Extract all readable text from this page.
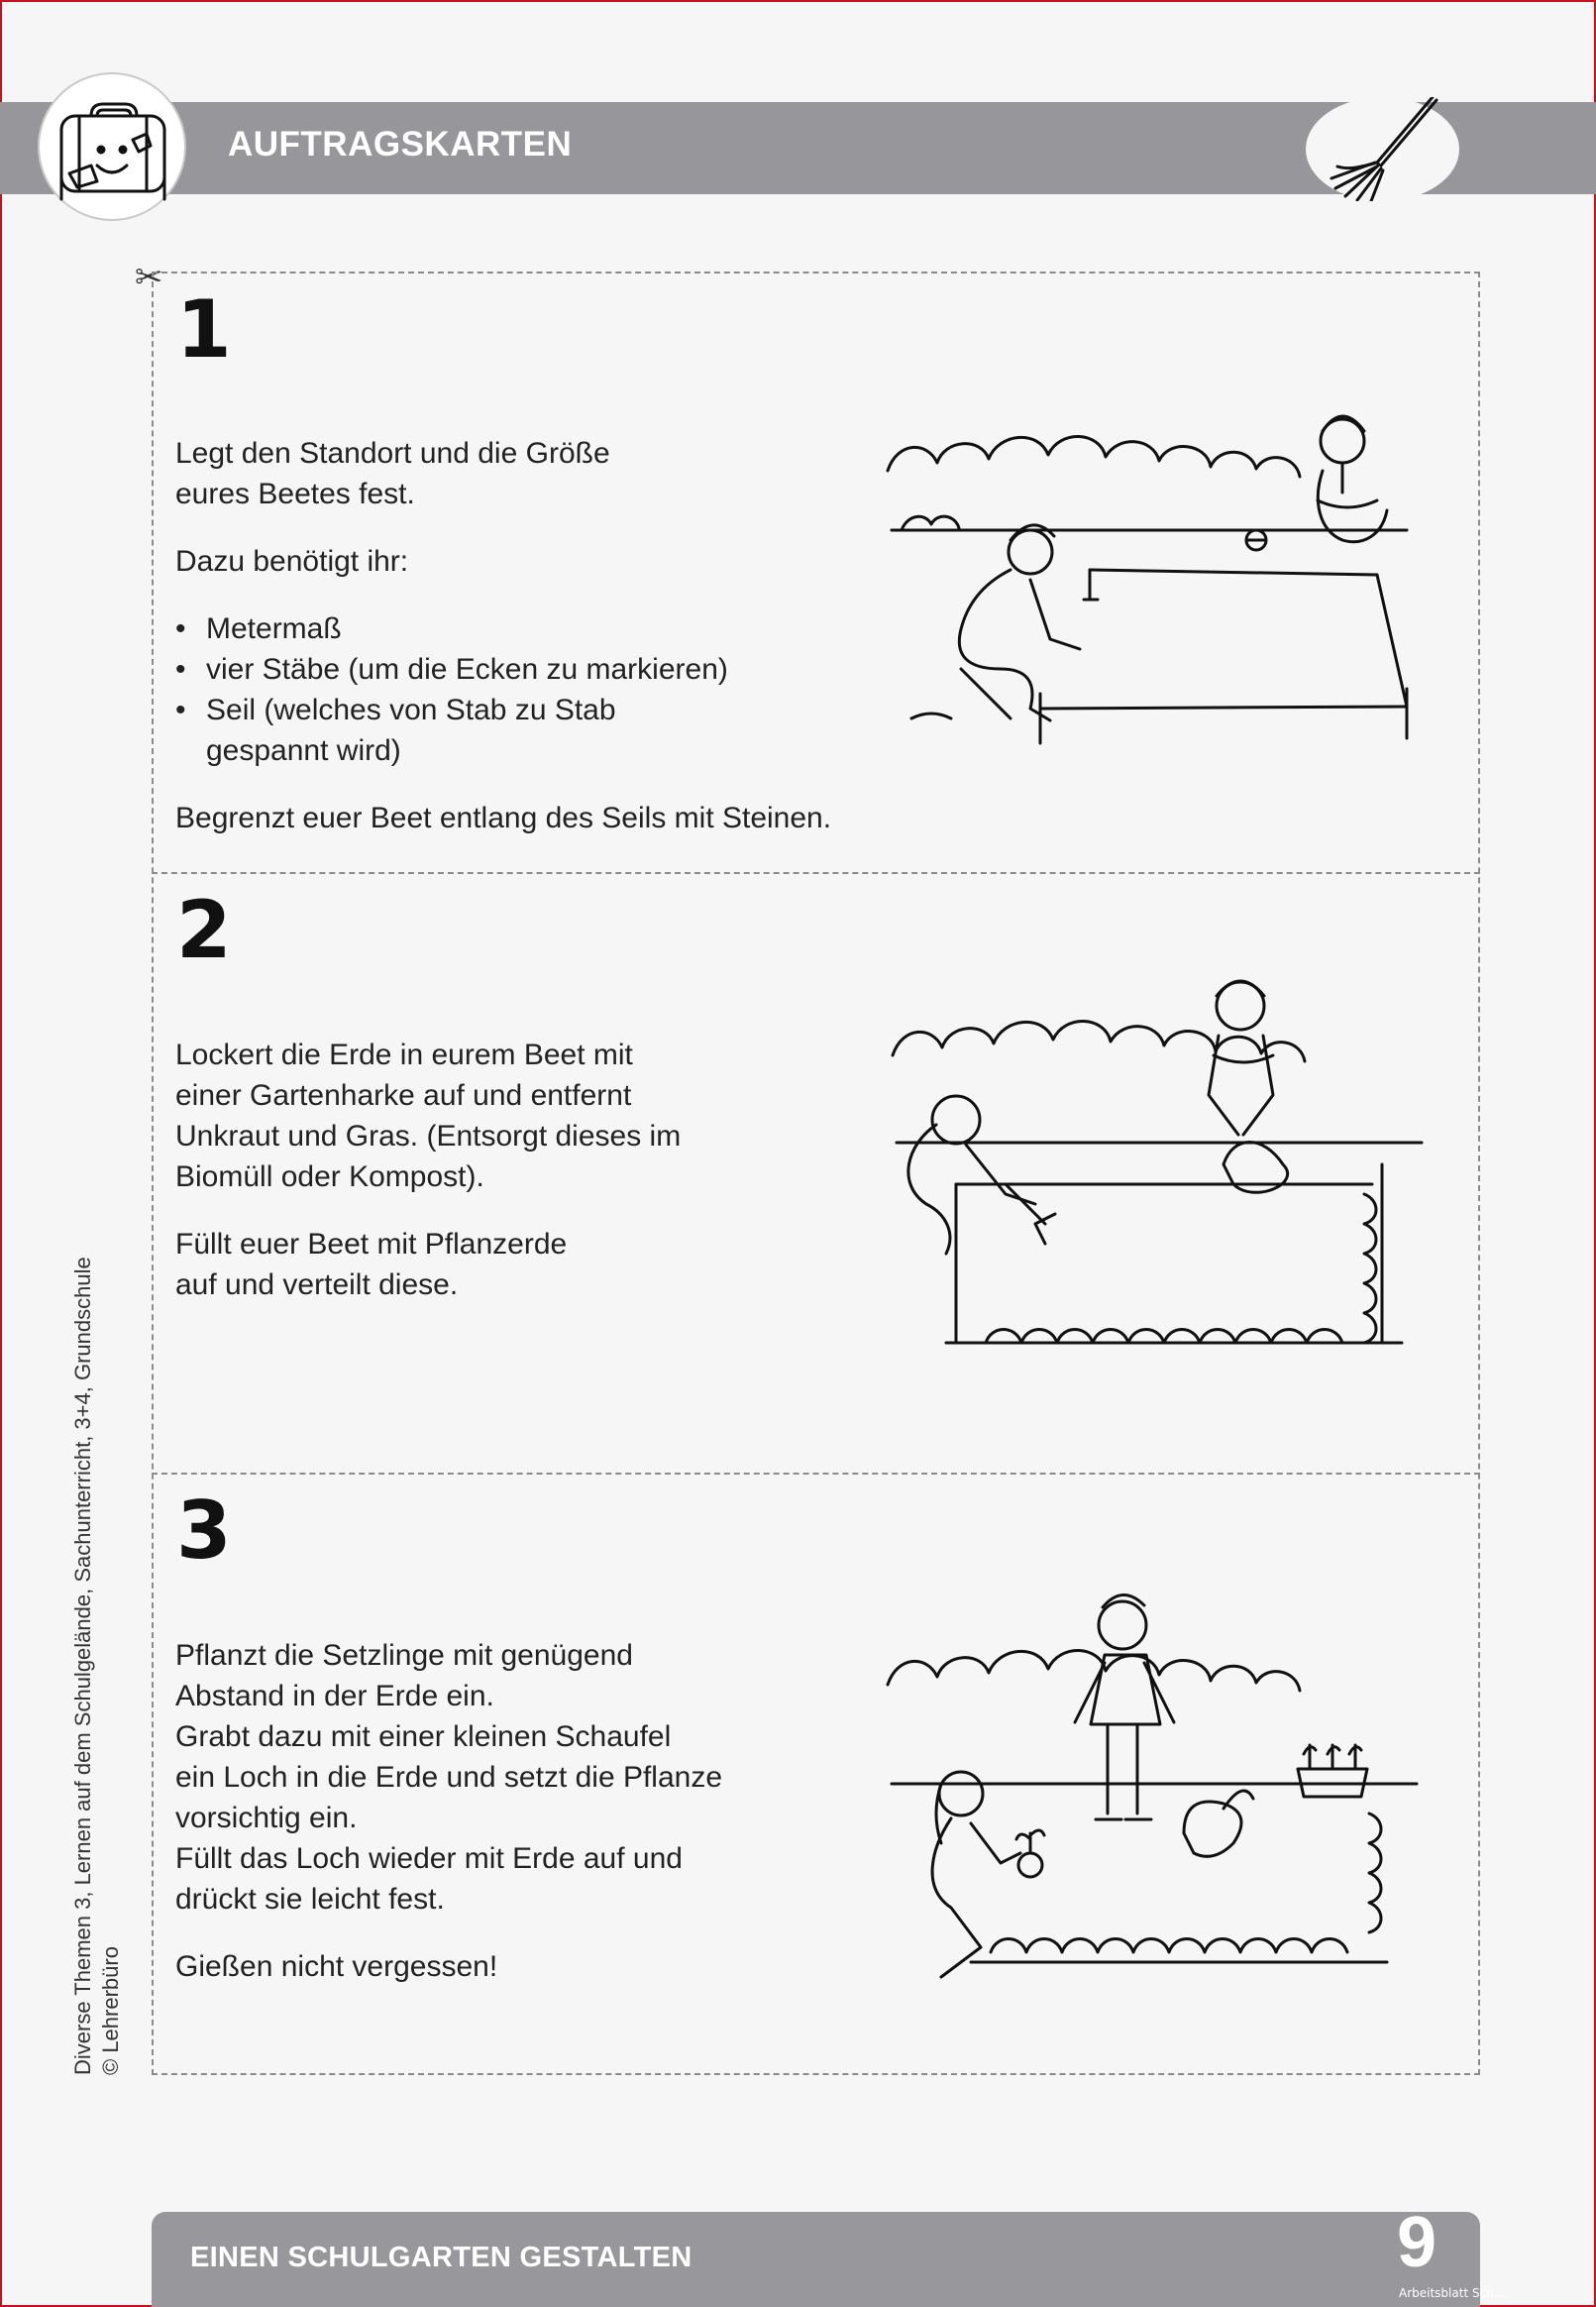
AUFTRAGSKARTEN
✂
1

Legt den Standort und die Größe
eures Beetes fest.

Dazu benötigt ihr:

• Metermaß
• vier Stäbe (um die Ecken zu markieren)
• Seil (welches von Stab zu Stab
gespannt wird)

Begrenzt euer Beet entlang des Seils mit Steinen.

2

Lockert die Erde in eurem Beet mit
einer Gartenharke auf und entfernt
Unkraut und Gras. (Entsorgt dieses im
Biomüll oder Kompost).

Füllt euer Beet mit Pflanzerde
auf und verteilt diese.

3

Pflanzt die Setzlinge mit genügend
Abstand in der Erde ein.
Grabt dazu mit einer kleinen Schaufel
ein Loch in die Erde und setzt die Pflanze
vorsichtig ein.
Füllt das Loch wieder mit Erde auf und
drückt sie leicht fest.

Gießen nicht vergessen!

Diverse Themen 3, Lernen auf dem Schulgelände, Sachunterricht, 3+4, Grundschule © Lehrerbüro
EINEN SCHULGARTEN GESTALTEN	9
Arbeitsblatt Sch...
